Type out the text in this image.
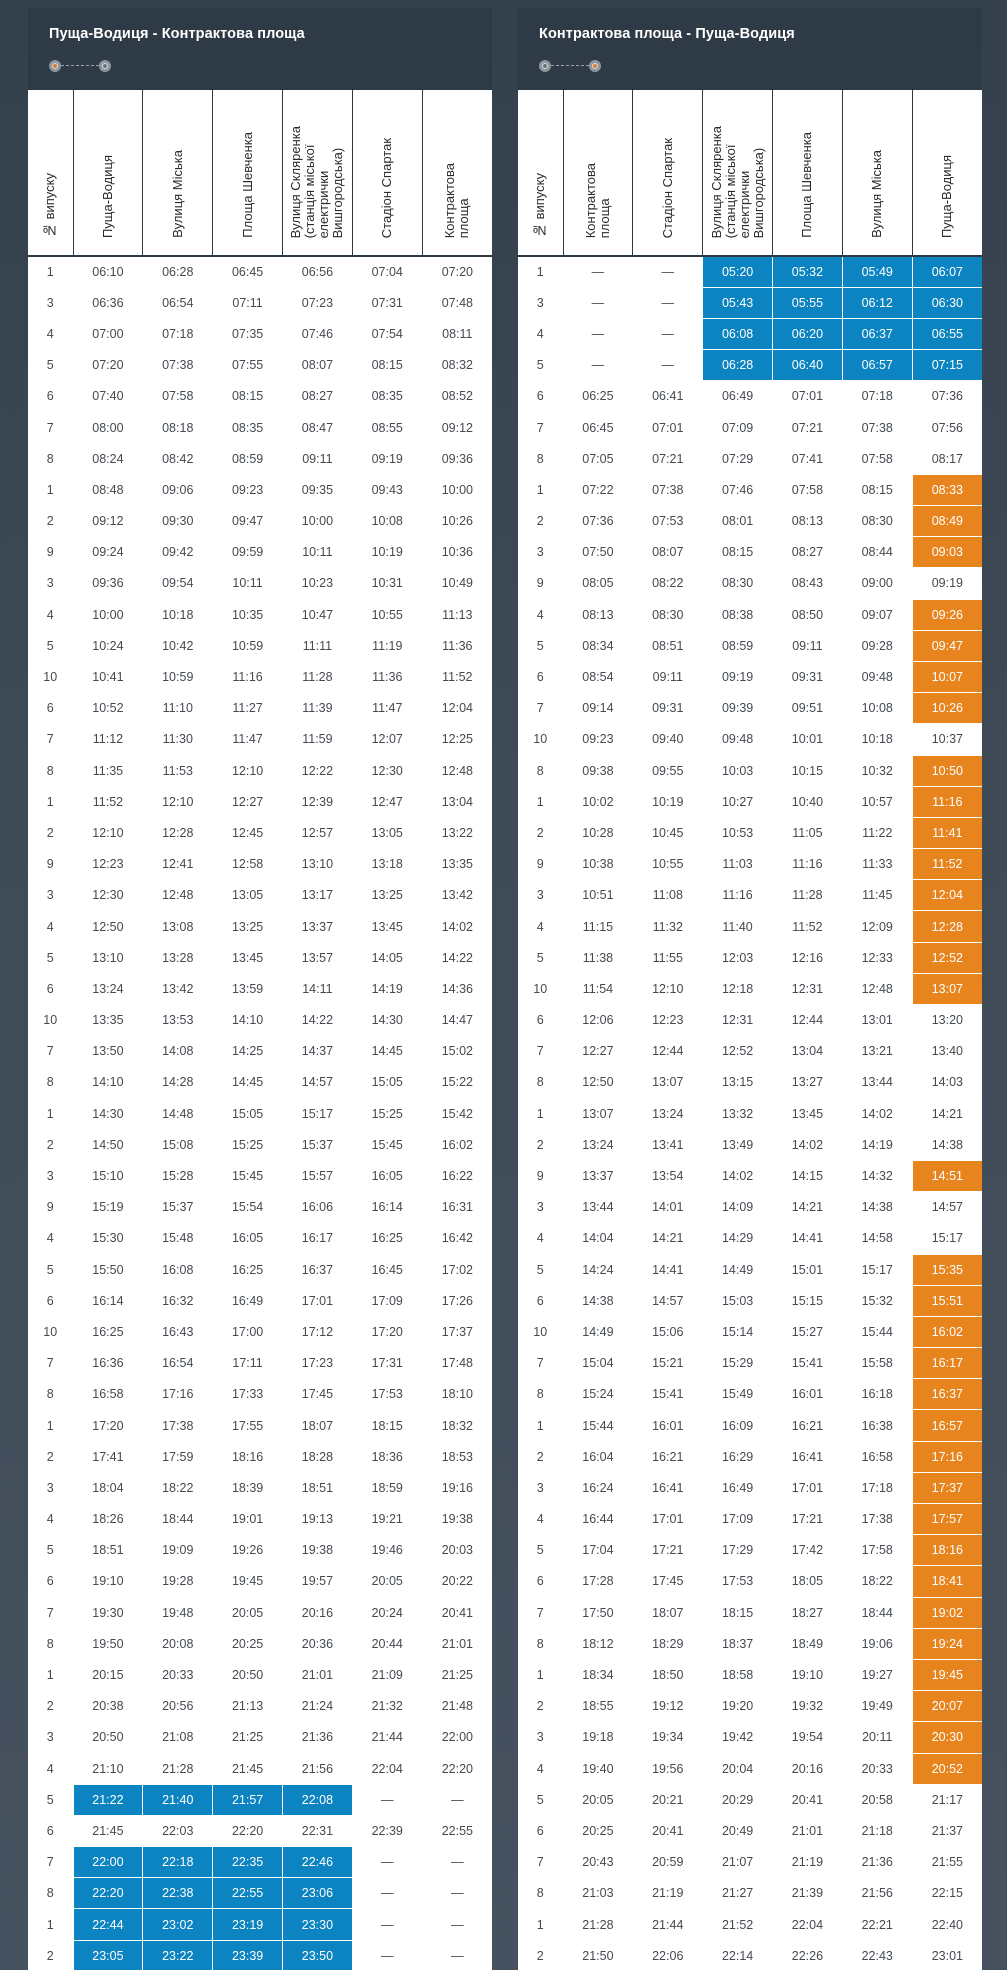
Пуща-Водиця - Контрактова площа
№ випуску	Пуща-Водиця	Вулиця Міська	Площа Шевченка	Вулиця Скляренка
(станція міської
електрички
Вишгородська)	Стадіон Спартак	Контрактова
площа
1	06:10	06:28	06:45	06:56	07:04	07:20
3	06:36	06:54	07:11	07:23	07:31	07:48
4	07:00	07:18	07:35	07:46	07:54	08:11
5	07:20	07:38	07:55	08:07	08:15	08:32
6	07:40	07:58	08:15	08:27	08:35	08:52
7	08:00	08:18	08:35	08:47	08:55	09:12
8	08:24	08:42	08:59	09:11	09:19	09:36
1	08:48	09:06	09:23	09:35	09:43	10:00
2	09:12	09:30	09:47	10:00	10:08	10:26
9	09:24	09:42	09:59	10:11	10:19	10:36
3	09:36	09:54	10:11	10:23	10:31	10:49
4	10:00	10:18	10:35	10:47	10:55	11:13
5	10:24	10:42	10:59	11:11	11:19	11:36
10	10:41	10:59	11:16	11:28	11:36	11:52
6	10:52	11:10	11:27	11:39	11:47	12:04
7	11:12	11:30	11:47	11:59	12:07	12:25
8	11:35	11:53	12:10	12:22	12:30	12:48
1	11:52	12:10	12:27	12:39	12:47	13:04
2	12:10	12:28	12:45	12:57	13:05	13:22
9	12:23	12:41	12:58	13:10	13:18	13:35
3	12:30	12:48	13:05	13:17	13:25	13:42
4	12:50	13:08	13:25	13:37	13:45	14:02
5	13:10	13:28	13:45	13:57	14:05	14:22
6	13:24	13:42	13:59	14:11	14:19	14:36
10	13:35	13:53	14:10	14:22	14:30	14:47
7	13:50	14:08	14:25	14:37	14:45	15:02
8	14:10	14:28	14:45	14:57	15:05	15:22
1	14:30	14:48	15:05	15:17	15:25	15:42
2	14:50	15:08	15:25	15:37	15:45	16:02
3	15:10	15:28	15:45	15:57	16:05	16:22
9	15:19	15:37	15:54	16:06	16:14	16:31
4	15:30	15:48	16:05	16:17	16:25	16:42
5	15:50	16:08	16:25	16:37	16:45	17:02
6	16:14	16:32	16:49	17:01	17:09	17:26
10	16:25	16:43	17:00	17:12	17:20	17:37
7	16:36	16:54	17:11	17:23	17:31	17:48
8	16:58	17:16	17:33	17:45	17:53	18:10
1	17:20	17:38	17:55	18:07	18:15	18:32
2	17:41	17:59	18:16	18:28	18:36	18:53
3	18:04	18:22	18:39	18:51	18:59	19:16
4	18:26	18:44	19:01	19:13	19:21	19:38
5	18:51	19:09	19:26	19:38	19:46	20:03
6	19:10	19:28	19:45	19:57	20:05	20:22
7	19:30	19:48	20:05	20:16	20:24	20:41
8	19:50	20:08	20:25	20:36	20:44	21:01
1	20:15	20:33	20:50	21:01	21:09	21:25
2	20:38	20:56	21:13	21:24	21:32	21:48
3	20:50	21:08	21:25	21:36	21:44	22:00
4	21:10	21:28	21:45	21:56	22:04	22:20
5	21:22	21:40	21:57	22:08	—	—
6	21:45	22:03	22:20	22:31	22:39	22:55
7	22:00	22:18	22:35	22:46	—	—
8	22:20	22:38	22:55	23:06	—	—
1	22:44	23:02	23:19	23:30	—	—
2	23:05	23:22	23:39	23:50	—	—
Контрактова площа - Пуща-Водиця
№ випуску	Контрактова
площа	Стадіон Спартак	Вулиця Скляренка
(станція міської
електрички
Вишгородська)	Площа Шевченка	Вулиця Міська	Пуща-Водиця
1	—	—	05:20	05:32	05:49	06:07
3	—	—	05:43	05:55	06:12	06:30
4	—	—	06:08	06:20	06:37	06:55
5	—	—	06:28	06:40	06:57	07:15
6	06:25	06:41	06:49	07:01	07:18	07:36
7	06:45	07:01	07:09	07:21	07:38	07:56
8	07:05	07:21	07:29	07:41	07:58	08:17
1	07:22	07:38	07:46	07:58	08:15	08:33
2	07:36	07:53	08:01	08:13	08:30	08:49
3	07:50	08:07	08:15	08:27	08:44	09:03
9	08:05	08:22	08:30	08:43	09:00	09:19
4	08:13	08:30	08:38	08:50	09:07	09:26
5	08:34	08:51	08:59	09:11	09:28	09:47
6	08:54	09:11	09:19	09:31	09:48	10:07
7	09:14	09:31	09:39	09:51	10:08	10:26
10	09:23	09:40	09:48	10:01	10:18	10:37
8	09:38	09:55	10:03	10:15	10:32	10:50
1	10:02	10:19	10:27	10:40	10:57	11:16
2	10:28	10:45	10:53	11:05	11:22	11:41
9	10:38	10:55	11:03	11:16	11:33	11:52
3	10:51	11:08	11:16	11:28	11:45	12:04
4	11:15	11:32	11:40	11:52	12:09	12:28
5	11:38	11:55	12:03	12:16	12:33	12:52
10	11:54	12:10	12:18	12:31	12:48	13:07
6	12:06	12:23	12:31	12:44	13:01	13:20
7	12:27	12:44	12:52	13:04	13:21	13:40
8	12:50	13:07	13:15	13:27	13:44	14:03
1	13:07	13:24	13:32	13:45	14:02	14:21
2	13:24	13:41	13:49	14:02	14:19	14:38
9	13:37	13:54	14:02	14:15	14:32	14:51
3	13:44	14:01	14:09	14:21	14:38	14:57
4	14:04	14:21	14:29	14:41	14:58	15:17
5	14:24	14:41	14:49	15:01	15:17	15:35
6	14:38	14:57	15:03	15:15	15:32	15:51
10	14:49	15:06	15:14	15:27	15:44	16:02
7	15:04	15:21	15:29	15:41	15:58	16:17
8	15:24	15:41	15:49	16:01	16:18	16:37
1	15:44	16:01	16:09	16:21	16:38	16:57
2	16:04	16:21	16:29	16:41	16:58	17:16
3	16:24	16:41	16:49	17:01	17:18	17:37
4	16:44	17:01	17:09	17:21	17:38	17:57
5	17:04	17:21	17:29	17:42	17:58	18:16
6	17:28	17:45	17:53	18:05	18:22	18:41
7	17:50	18:07	18:15	18:27	18:44	19:02
8	18:12	18:29	18:37	18:49	19:06	19:24
1	18:34	18:50	18:58	19:10	19:27	19:45
2	18:55	19:12	19:20	19:32	19:49	20:07
3	19:18	19:34	19:42	19:54	20:11	20:30
4	19:40	19:56	20:04	20:16	20:33	20:52
5	20:05	20:21	20:29	20:41	20:58	21:17
6	20:25	20:41	20:49	21:01	21:18	21:37
7	20:43	20:59	21:07	21:19	21:36	21:55
8	21:03	21:19	21:27	21:39	21:56	22:15
1	21:28	21:44	21:52	22:04	22:21	22:40
2	21:50	22:06	22:14	22:26	22:43	23:01
